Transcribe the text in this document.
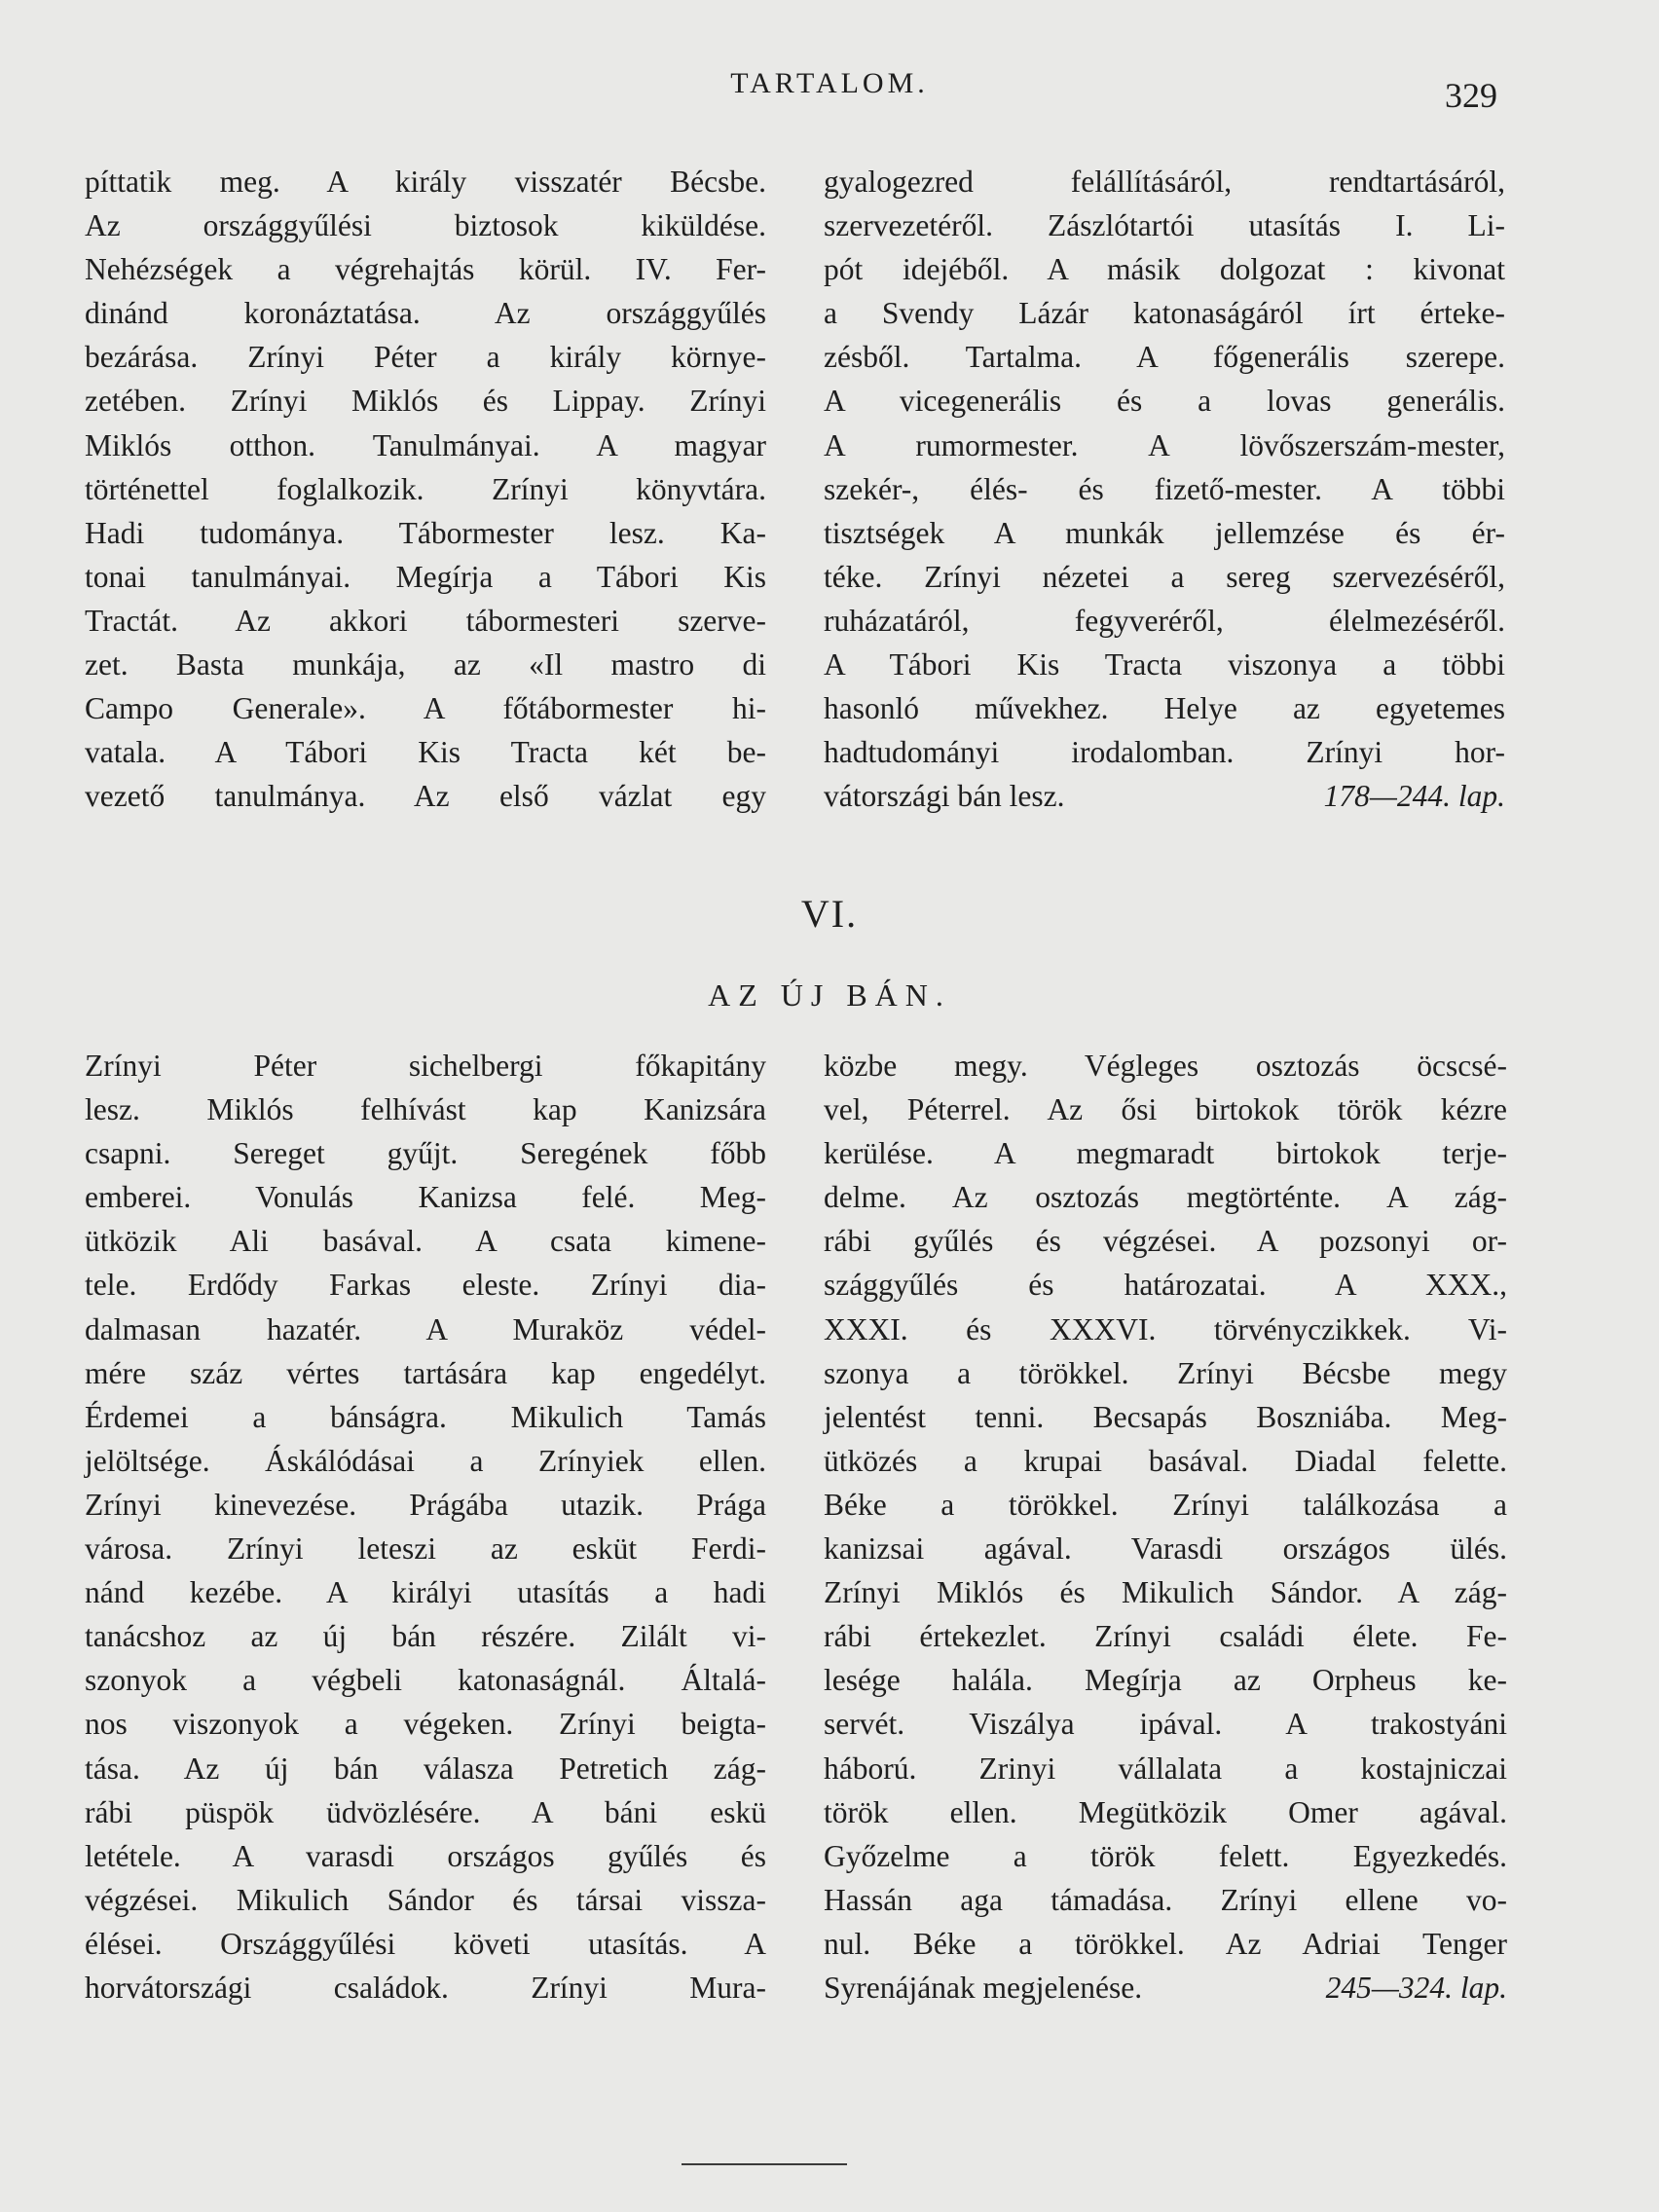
TARTALOM.	329
píttatik meg. A király visszatér Bécsbe.
Az országgyűlési biztosok kiküldése.
Nehézségek a végrehajtás körül. IV. Fer-
dinánd koronáztatása. Az országgyűlés
bezárása. Zrínyi Péter a király környe-
zetében. Zrínyi Miklós és Lippay. Zrínyi
Miklós otthon. Tanulmányai. A magyar
történettel foglalkozik. Zrínyi könyvtára.
Hadi tudománya. Tábormester lesz. Ka-
tonai tanulmányai. Megírja a Tábori Kis
Tractát. Az akkori tábormesteri szerve-
zet. Basta munkája, az «Il mastro di
Campo Generale». A főtábormester hi-
vatala. A Tábori Kis Tracta két be-
vezető tanulmánya. Az első vázlat egy
gyalogezred felállításáról, rendtartásáról,
szervezetéről. Zászlótartói utasítás I. Li-
pót idejéből. A másik dolgozat : kivonat
a Svendy Lázár katonaságáról írt érteke-
zésből. Tartalma. A főgenerális szerepe.
A vicegenerális és a lovas generális.
A rumormester. A lövőszerszám-mester,
szekér-, élés- és fizető-mester. A többi
tisztségek A munkák jellemzése és ér-
téke. Zrínyi nézetei a sereg szervezéséről,
ruházatáról, fegyveréről, élelmezéséről.
A Tábori Kis Tracta viszonya a többi
hasonló művekhez. Helye az egyetemes
hadtudományi irodalomban. Zrínyi hor-
vátországi bán lesz.	178—244. lap.
VI.
AZ ÚJ BÁN.
Zrínyi Péter sichelbergi főkapitány
lesz. Miklós felhívást kap Kanizsára
csapni. Sereget gyűjt. Seregének főbb
emberei. Vonulás Kanizsa felé. Meg-
ütközik Ali basával. A csata kimene-
tele. Erdődy Farkas eleste. Zrínyi dia-
dalmasan hazatér. A Muraköz védel-
mére száz vértes tartására kap engedélyt.
Érdemei a bánságra. Mikulich Tamás
jelöltsége. Áskálódásai a Zrínyiek ellen.
Zrínyi kinevezése. Prágába utazik. Prága
városa. Zrínyi leteszi az esküt Ferdi-
nánd kezébe. A királyi utasítás a hadi
tanácshoz az új bán részére. Zilált vi-
szonyok a végbeli katonaságnál. Általá-
nos viszonyok a végeken. Zrínyi beigta-
tása. Az új bán válasza Petretich zág-
rábi püspök üdvözlésére. A báni eskü
letétele. A varasdi országos gyűlés és
végzései. Mikulich Sándor és társai vissza-
élései. Országgyűlési követi utasítás. A
horvátországi családok. Zrínyi Mura-
közbe megy. Végleges osztozás öcscsé-
vel, Péterrel. Az ősi birtokok török kézre
kerülése. A megmaradt birtokok terje-
delme. Az osztozás megtörténte. A zág-
rábi gyűlés és végzései. A pozsonyi or-
szággyűlés és határozatai. A XXX.,
XXXI. és XXXVI. törvényczikkek. Vi-
szonya a törökkel. Zrínyi Bécsbe megy
jelentést tenni. Becsapás Boszniába. Meg-
ütközés a krupai basával. Diadal felette.
Béke a törökkel. Zrínyi találkozása a
kanizsai agával. Varasdi országos ülés.
Zrínyi Miklós és Mikulich Sándor. A zág-
rábi értekezlet. Zrínyi családi élete. Fe-
lesége halála. Megírja az Orpheus ke-
servét. Viszálya ipával. A trakostyáni
háború. Zrinyi vállalata a kostajniczai
török ellen. Megütközik Omer agával.
Győzelme a török felett. Egyezkedés.
Hassán aga támadása. Zrínyi ellene vo-
nul. Béke a törökkel. Az Adriai Tenger
Syrenájának megjelenése.	245—324. lap.
